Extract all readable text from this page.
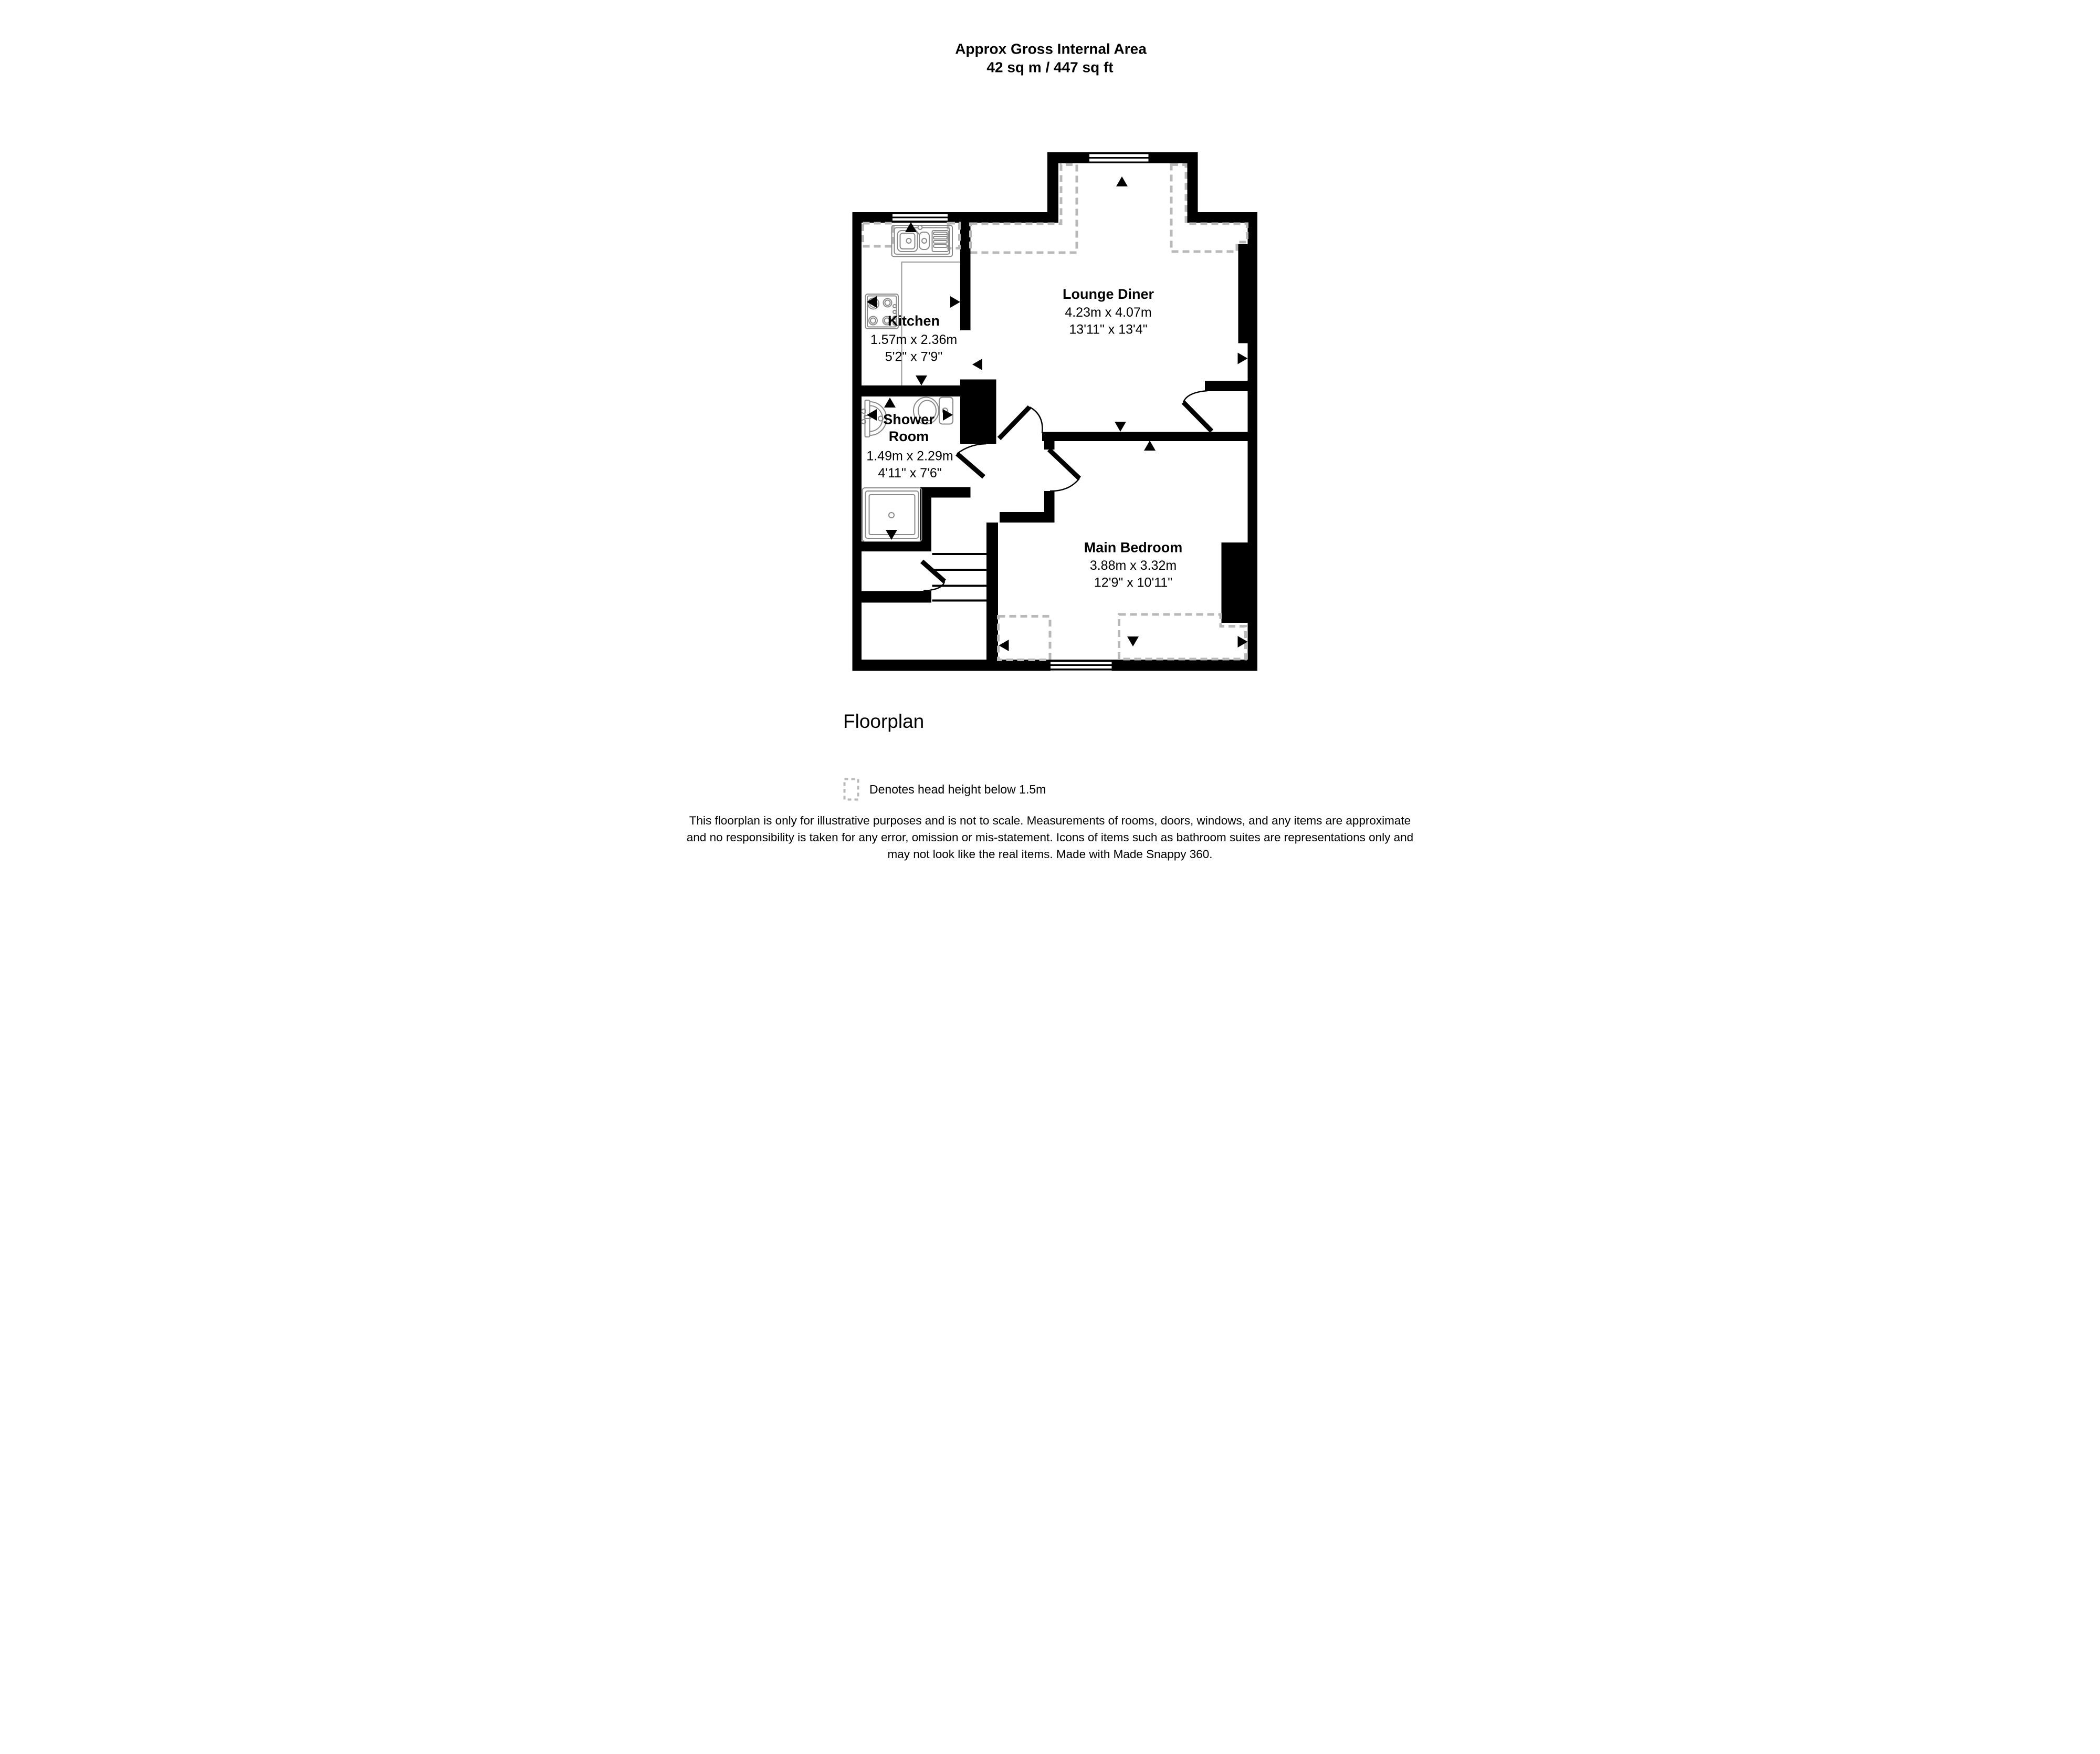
Approx Gross Internal Area
42 sq m / 447 sq ft
Lounge Diner
4.23m x 4.07m
13'11" x 13'4"
Kitchen
1.57m x 2.36m
5'2" x 7'9"
Shower
Room
1.49m x 2.29m
4'11" x 7'6"
Main Bedroom
3.88m x 3.32m
12'9" x 10'11"
Floorplan
Denotes head height below 1.5m
This floorplan is only for illustrative purposes and is not to scale. Measurements of rooms, doors, windows, and any items are approximate
and no responsibility is taken for any error, omission or mis-statement. Icons of items such as bathroom suites are representations only and
may not look like the real items. Made with Made Snappy 360.
